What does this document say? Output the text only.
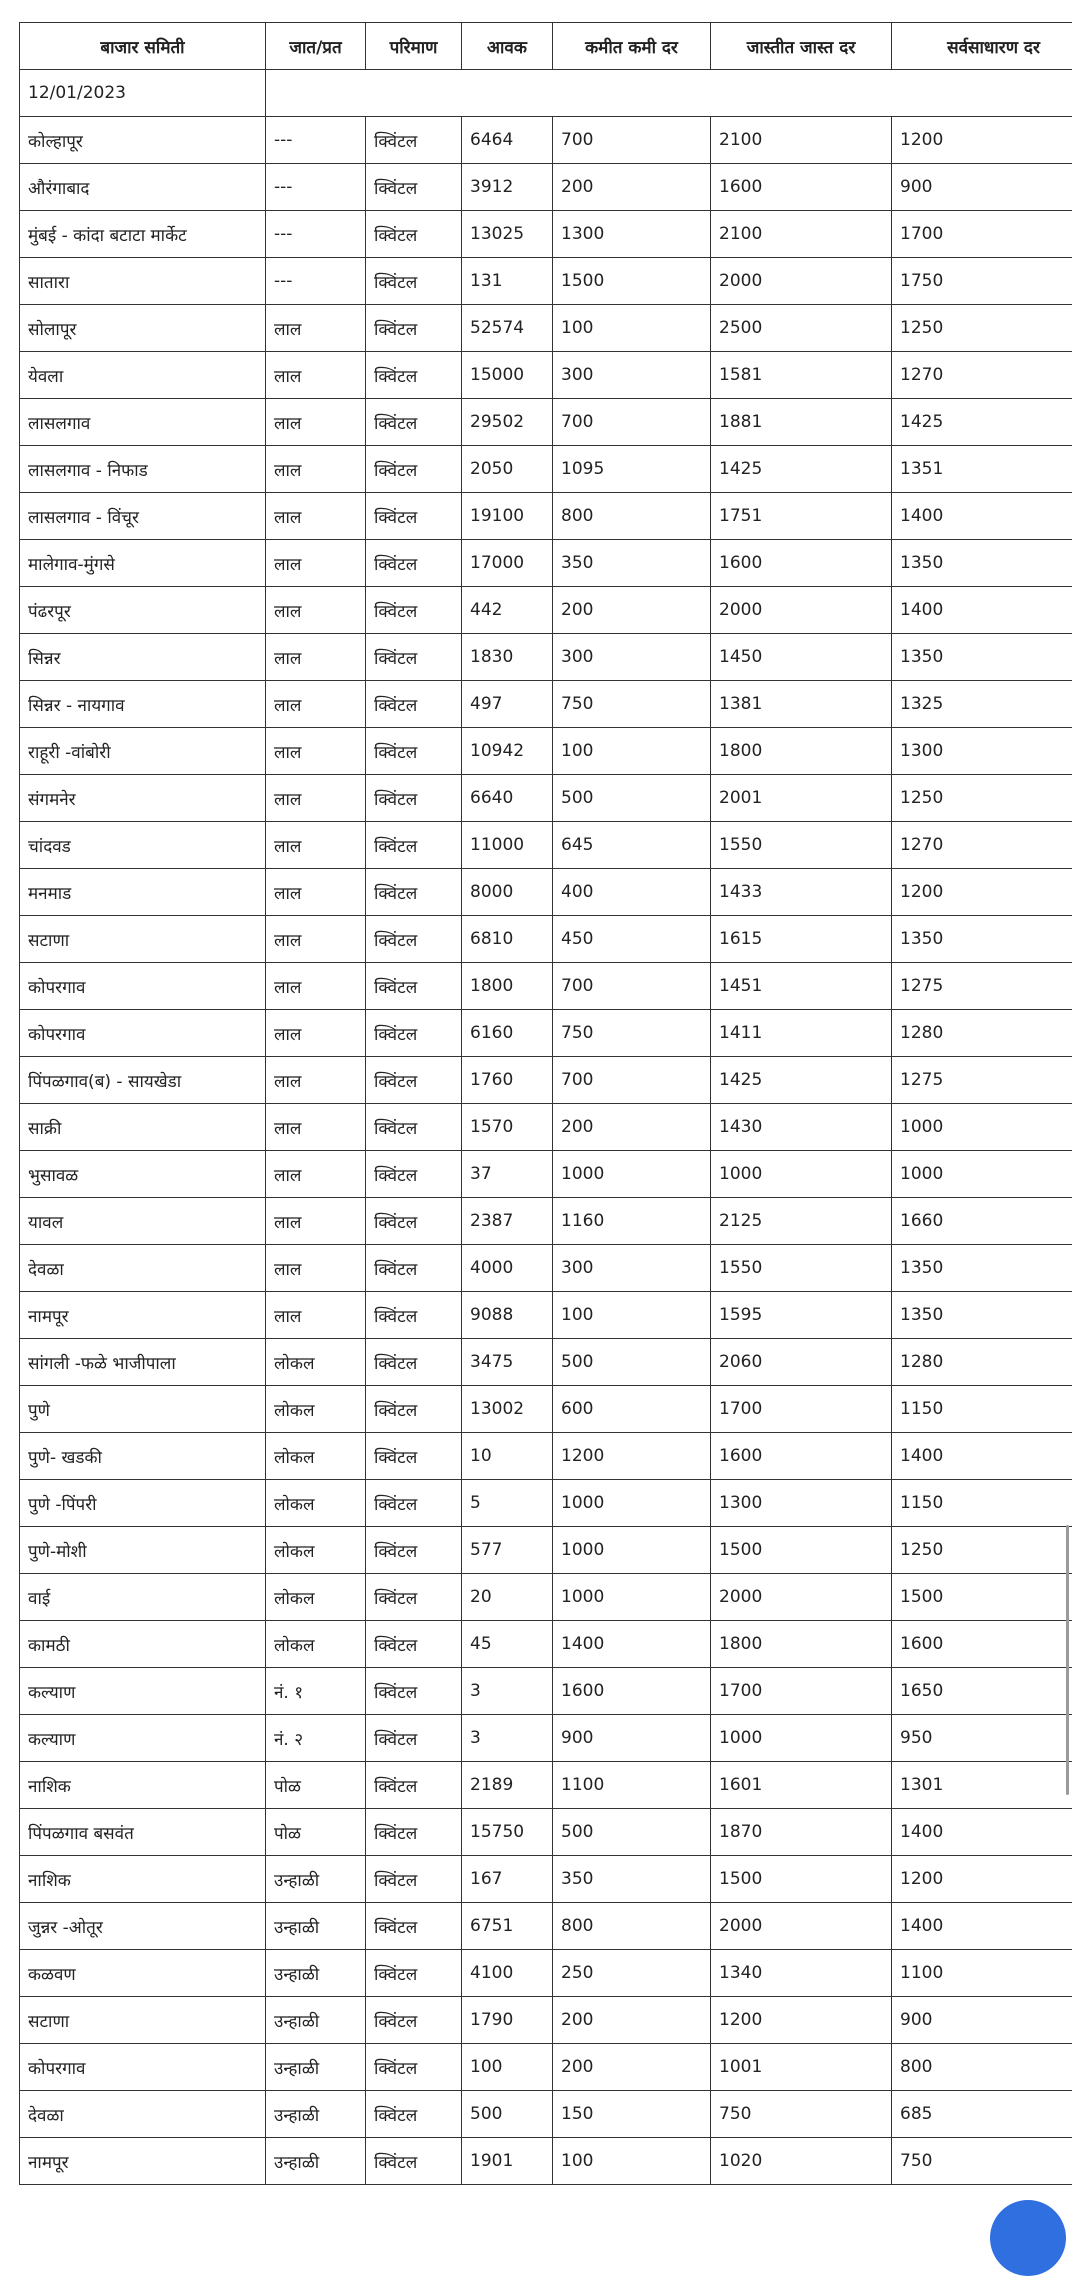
बाजार समिती	जात/प्रत	परिमाण	आवक	कमीत कमी दर	जास्तीत जास्त दर	सर्वसाधारण दर
12/01/2023						
कोल्हापूर	---	क्विंटल	6464	700	2100	1200
औरंगाबाद	---	क्विंटल	3912	200	1600	900
मुंबई - कांदा बटाटा मार्केट	---	क्विंटल	13025	1300	2100	1700
सातारा	---	क्विंटल	131	1500	2000	1750
सोलापूर	लाल	क्विंटल	52574	100	2500	1250
येवला	लाल	क्विंटल	15000	300	1581	1270
लासलगाव	लाल	क्विंटल	29502	700	1881	1425
लासलगाव - निफाड	लाल	क्विंटल	2050	1095	1425	1351
लासलगाव - विंचूर	लाल	क्विंटल	19100	800	1751	1400
मालेगाव-मुंगसे	लाल	क्विंटल	17000	350	1600	1350
पंढरपूर	लाल	क्विंटल	442	200	2000	1400
सिन्नर	लाल	क्विंटल	1830	300	1450	1350
सिन्नर - नायगाव	लाल	क्विंटल	497	750	1381	1325
राहूरी -वांबोरी	लाल	क्विंटल	10942	100	1800	1300
संगमनेर	लाल	क्विंटल	6640	500	2001	1250
चांदवड	लाल	क्विंटल	11000	645	1550	1270
मनमाड	लाल	क्विंटल	8000	400	1433	1200
सटाणा	लाल	क्विंटल	6810	450	1615	1350
कोपरगाव	लाल	क्विंटल	1800	700	1451	1275
कोपरगाव	लाल	क्विंटल	6160	750	1411	1280
पिंपळगाव(ब) - सायखेडा	लाल	क्विंटल	1760	700	1425	1275
साक्री	लाल	क्विंटल	1570	200	1430	1000
भुसावळ	लाल	क्विंटल	37	1000	1000	1000
यावल	लाल	क्विंटल	2387	1160	2125	1660
देवळा	लाल	क्विंटल	4000	300	1550	1350
नामपूर	लाल	क्विंटल	9088	100	1595	1350
सांगली -फळे भाजीपाला	लोकल	क्विंटल	3475	500	2060	1280
पुणे	लोकल	क्विंटल	13002	600	1700	1150
पुणे- खडकी	लोकल	क्विंटल	10	1200	1600	1400
पुणे -पिंपरी	लोकल	क्विंटल	5	1000	1300	1150
पुणे-मोशी	लोकल	क्विंटल	577	1000	1500	1250
वाई	लोकल	क्विंटल	20	1000	2000	1500
कामठी	लोकल	क्विंटल	45	1400	1800	1600
कल्याण	नं. १	क्विंटल	3	1600	1700	1650
कल्याण	नं. २	क्विंटल	3	900	1000	950
नाशिक	पोळ	क्विंटल	2189	1100	1601	1301
पिंपळगाव बसवंत	पोळ	क्विंटल	15750	500	1870	1400
नाशिक	उन्हाळी	क्विंटल	167	350	1500	1200
जुन्नर -ओतूर	उन्हाळी	क्विंटल	6751	800	2000	1400
कळवण	उन्हाळी	क्विंटल	4100	250	1340	1100
सटाणा	उन्हाळी	क्विंटल	1790	200	1200	900
कोपरगाव	उन्हाळी	क्विंटल	100	200	1001	800
देवळा	उन्हाळी	क्विंटल	500	150	750	685
नामपूर	उन्हाळी	क्विंटल	1901	100	1020	750
